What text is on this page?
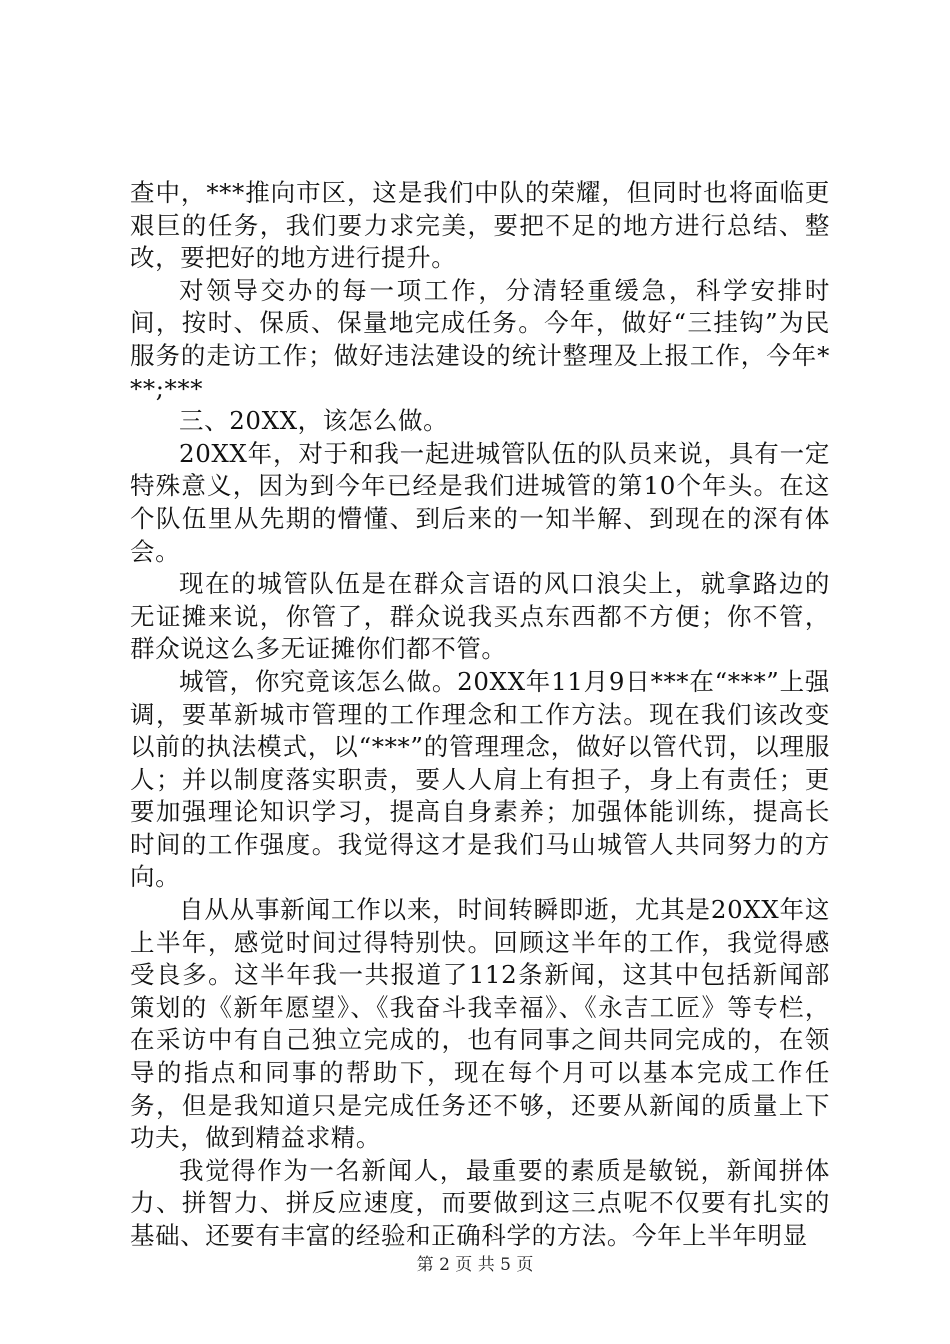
查中，***推向市区，这是我们中队的荣耀，但同时也将面临更艰巨的任务，我们要力求完美，要把不足的地方进行总结、整改，要把好的地方进行提升。

对领导交办的每一项工作，分清轻重缓急，科学安排时间，按时、保质、保量地完成任务。今年，做好“三挂钩”为民服务的走访工作；做好违法建设的统计整理及上报工作，今年***;***

三、20XX，该怎么做。

20XX年，对于和我一起进城管队伍的队员来说，具有一定特殊意义，因为到今年已经是我们进城管的第10个年头。在这个队伍里从先期的懵懂、到后来的一知半解、到现在的深有体会。

现在的城管队伍是在群众言语的风口浪尖上，就拿路边的无证摊来说，你管了，群众说我买点东西都不方便；你不管，群众说这么多无证摊你们都不管。

城管，你究竟该怎么做。20XX年11月9日***在“***”上强调，要革新城市管理的工作理念和工作方法。现在我们该改变以前的执法模式，以“***”的管理理念，做好以管代罚，以理服人；并以制度落实职责，要人人肩上有担子，身上有责任；更要加强理论知识学习，提高自身素养；加强体能训练，提高长时间的工作强度。我觉得这才是我们马山城管人共同努力的方向。

自从从事新闻工作以来，时间转瞬即逝，尤其是20XX年这上半年，感觉时间过得特别快。回顾这半年的工作，我觉得感受良多。这半年我一共报道了112条新闻，这其中包括新闻部策划的《新年愿望》、《我奋斗我幸福》、《永吉工匠》等专栏，在采访中有自己独立完成的，也有同事之间共同完成的，在领导的指点和同事的帮助下，现在每个月可以基本完成工作任务，但是我知道只是完成任务还不够，还要从新闻的质量上下功夫，做到精益求精。

我觉得作为一名新闻人，最重要的素质是敏锐，新闻拼体力、拼智力、拼反应速度，而要做到这三点呢不仅要有扎实的基础、还要有丰富的经验和正确科学的方法。今年上半年明显

第 2 页 共 5 页
